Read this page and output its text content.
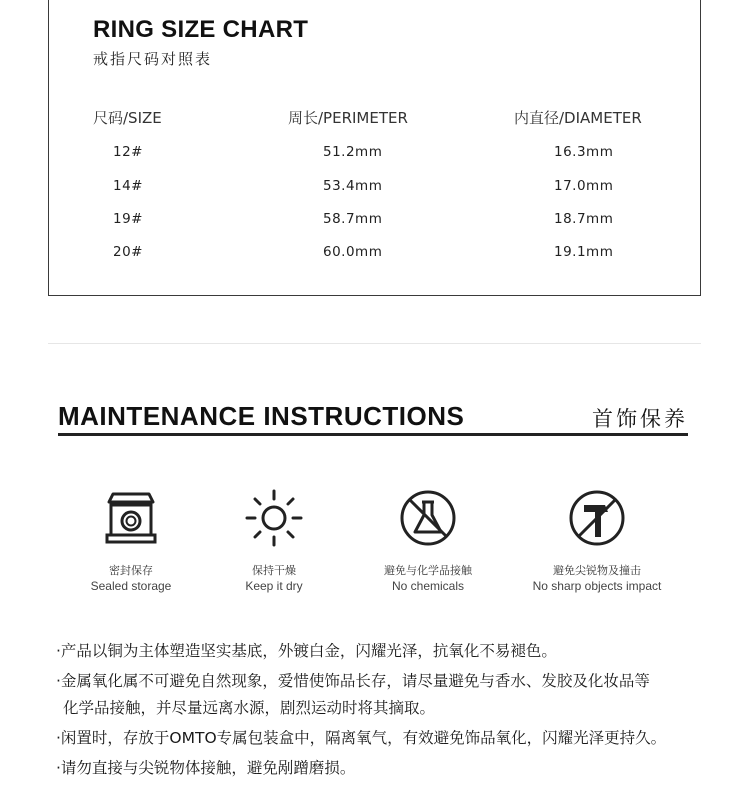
RING SIZE CHART
戒指尺码对照表
尺码/SIZE	周长/PERIMETER	内直径/DIAMETER
12#	51.2mm	16.3mm
14#	53.4mm	17.0mm
19#	58.7mm	18.7mm
20#	60.0mm	19.1mm
MAINTENANCE INSTRUCTIONS	首饰保养
密封保存
Sealed storage
保持干燥
Keep it dry
避免与化学品接触
No chemicals
避免尖锐物及撞击
No sharp objects impact

·产品以铜为主体塑造坚实基底，外镀白金，闪耀光泽，抗氧化不易褪色。

·金属氧化属不可避免自然现象，爱惜使饰品长存，请尽量避免与香水、发胶及化妆品等

化学品接触，并尽量远离水源，剧烈运动时将其摘取。

·闲置时，存放于OMTO专属包装盒中，隔离氧气，有效避免饰品氧化，闪耀光泽更持久。

·请勿直接与尖锐物体接触，避免剐蹭磨损。
